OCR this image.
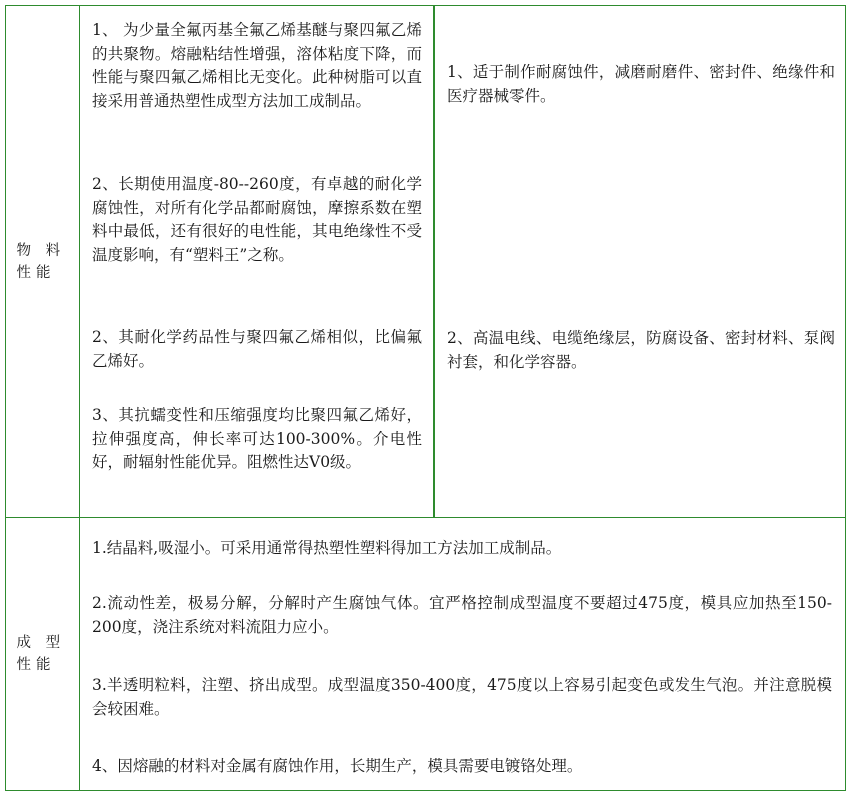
物 料 性能

1、 为少量全氟丙基全氟乙烯基醚与聚四氟乙烯的共聚物。熔融粘结性增强，溶体粘度下降，而性能与聚四氟乙烯相比无变化。此种树脂可以直接采用普通热塑性成型方法加工成制品。

2、长期使用温度-80--260度，有卓越的耐化学腐蚀性，对所有化学品都耐腐蚀，摩擦系数在塑料中最低，还有很好的电性能，其电绝缘性不受温度影响，有“塑料王”之称。

2、其耐化学药品性与聚四氟乙烯相似，比偏氟乙烯好。

3、其抗蠕变性和压缩强度均比聚四氟乙烯好，拉伸强度高，伸长率可达100-300%。介电性好，耐辐射性能优异。阻燃性达V0级。

1、适于制作耐腐蚀件，减磨耐磨件、密封件、绝缘件和医疗器械零件。

2、高温电线、电缆绝缘层，防腐设备、密封材料、泵阀衬套，和化学容器。

成 型 性能

1.结晶料,吸湿小。可采用通常得热塑性塑料得加工方法加工成制品。

2.流动性差，极易分解，分解时产生腐蚀气体。宜严格控制成型温度不要超过475度，模具应加热至150-200度，浇注系统对料流阻力应小。

3.半透明粒料，注塑、挤出成型。成型温度350-400度，475度以上容易引起变色或发生气泡。并注意脱模会较困难。

4、因熔融的材料对金属有腐蚀作用，长期生产，模具需要电镀铬处理。
